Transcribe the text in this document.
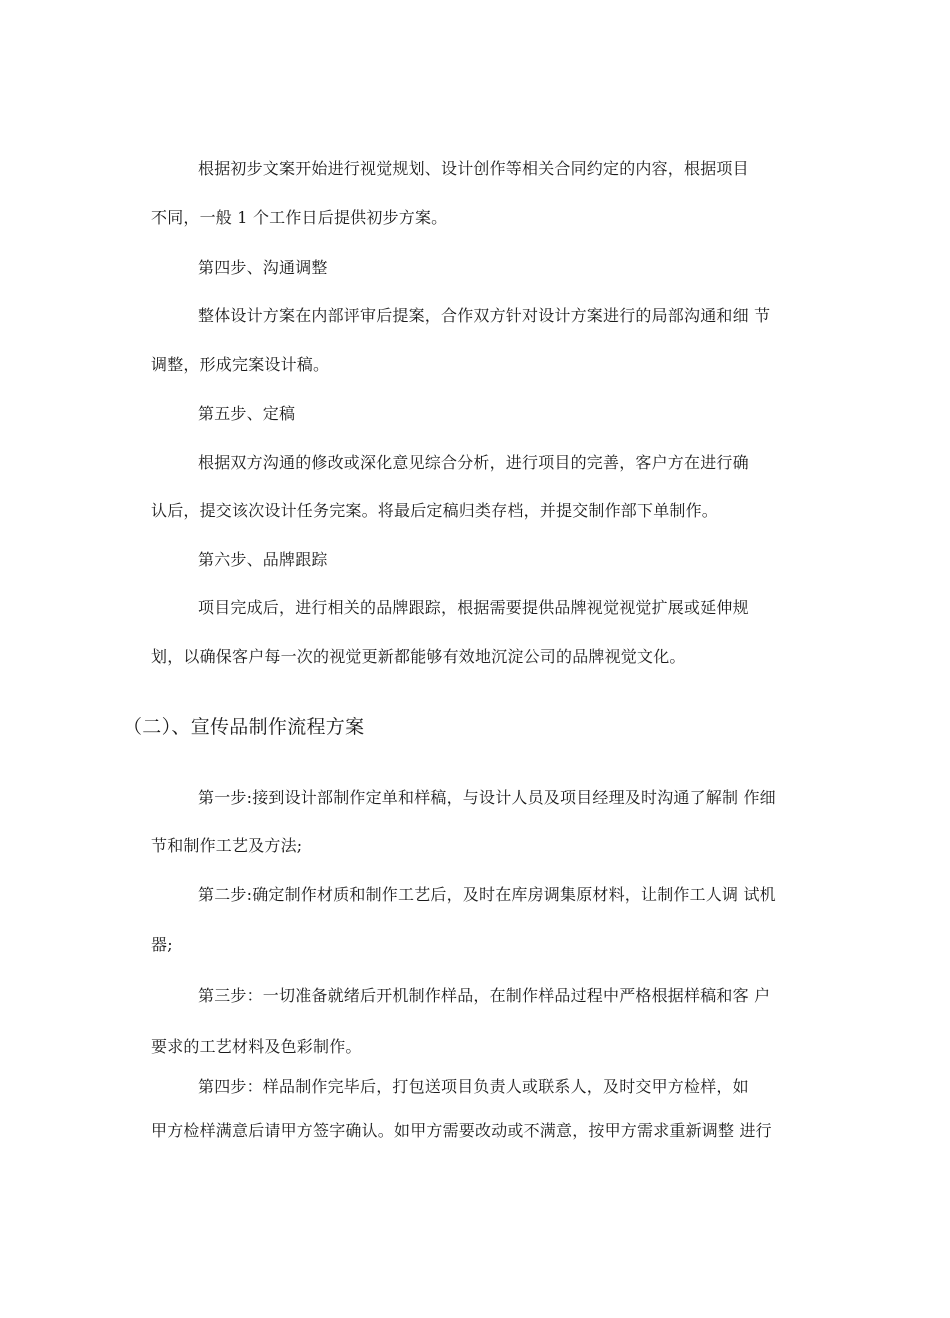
根据初步文案开始进行视觉规划、设计创作等相关合同约定的内容，根据项目

不同，一般 1 个工作日后提供初步方案。

第四步、沟通调整

整体设计方案在内部评审后提案，合作双方针对设计方案进行的局部沟通和细 节

调整，形成完案设计稿。

第五步、定稿

根据双方沟通的修改或深化意见综合分析，进行项目的完善，客户方在进行确

认后，提交该次设计任务完案。将最后定稿归类存档，并提交制作部下单制作。

第六步、品牌跟踪

项目完成后，进行相关的品牌跟踪，根据需要提供品牌视觉视觉扩展或延伸规

划，以确保客户每一次的视觉更新都能够有效地沉淀公司的品牌视觉文化。

（二）、宣传品制作流程方案

第一步:接到设计部制作定单和样稿，与设计人员及项目经理及时沟通了解制 作细

节和制作工艺及方法;

第二步:确定制作材质和制作工艺后，及时在库房调集原材料，让制作工人调 试机

器;

第三步：一切准备就绪后开机制作样品，在制作样品过程中严格根据样稿和客 户

要求的工艺材料及色彩制作。

第四步：样品制作完毕后，打包送项目负责人或联系人，及时交甲方检样，如

甲方检样满意后请甲方签字确认。如甲方需要改动或不满意，按甲方需求重新调整 进行
